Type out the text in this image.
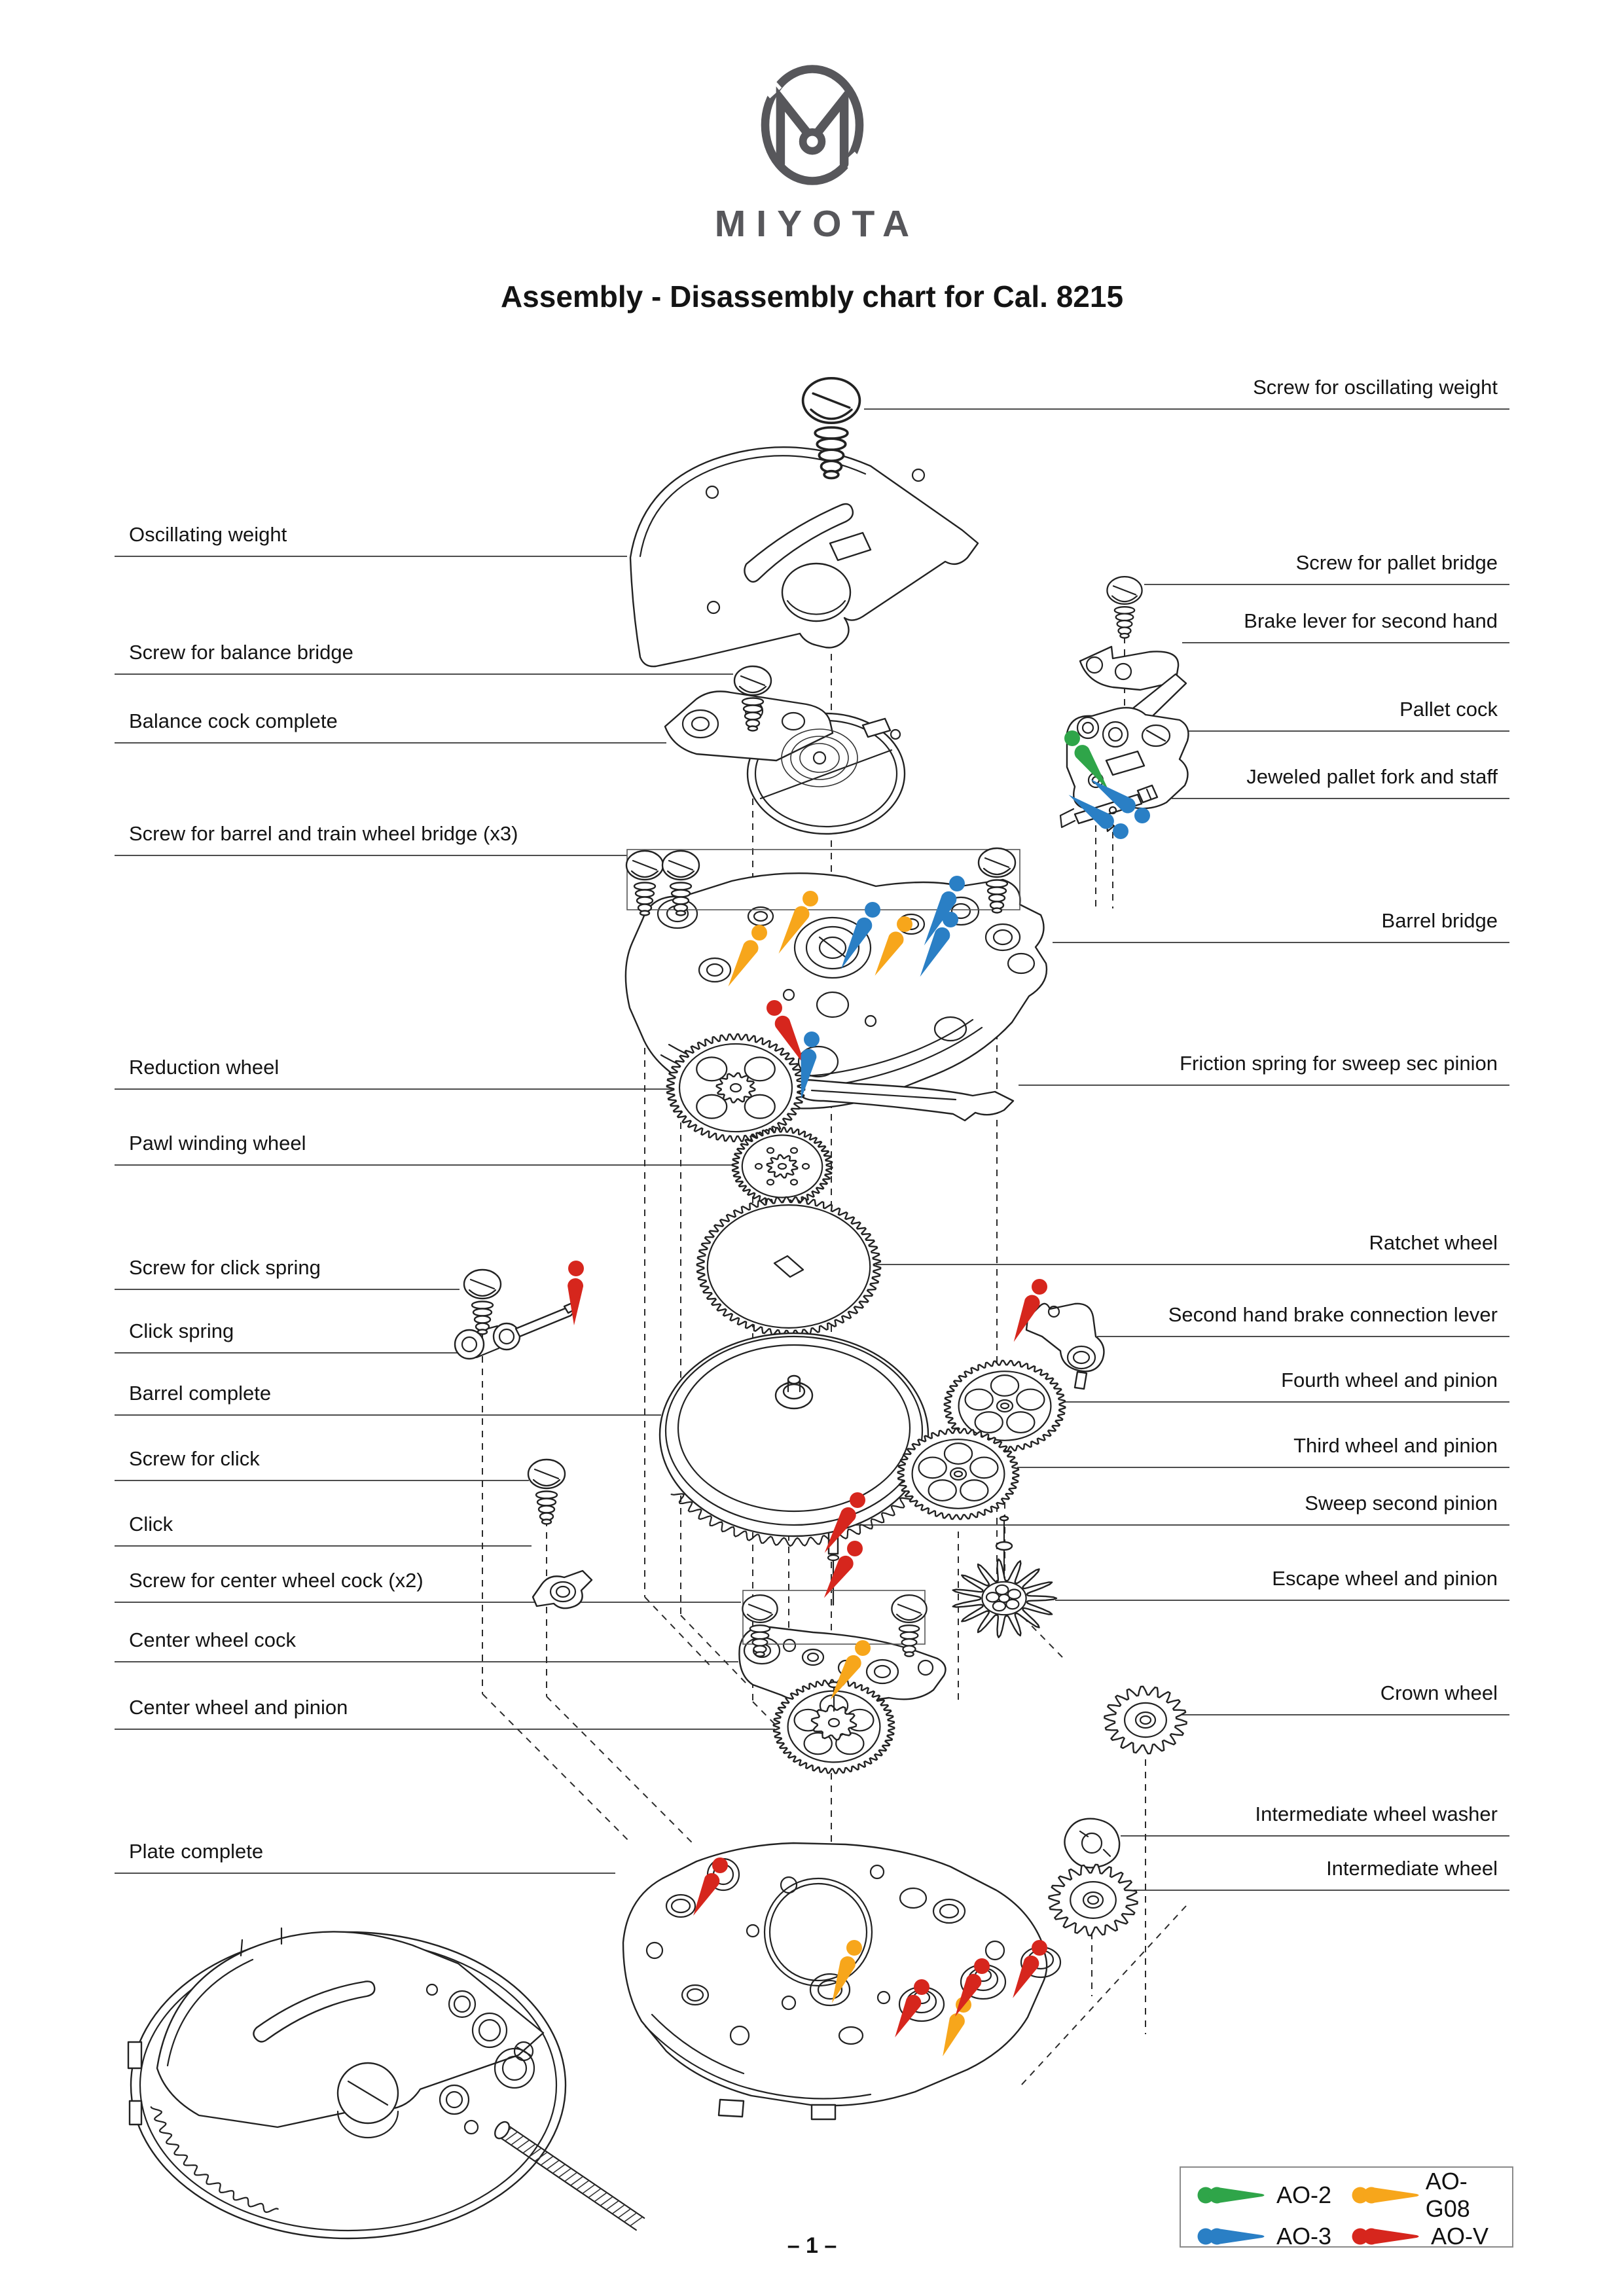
MIYOTA
Assembly - Disassembly chart for Cal. 8215
Oscillating weight
Screw for balance bridge
Balance cock complete
Screw for barrel and train wheel bridge (x3)
Reduction wheel
Pawl winding wheel
Screw for click spring
Click spring
Barrel complete
Screw for click
Click
Screw for center wheel cock (x2)
Center wheel cock
Center wheel and pinion
Plate complete
Screw for oscillating weight
Screw for pallet bridge
Brake lever for second hand
Pallet cock
Jeweled pallet fork and staff
Barrel bridge
Friction spring for sweep sec pinion
Ratchet wheel
Second hand brake connection lever
Fourth wheel and pinion
Third wheel and pinion
Sweep second pinion
Escape wheel and pinion
Crown wheel
Intermediate wheel washer
Intermediate wheel
AO-2
AO-G08
AO-3	AO-V
– 1 –
